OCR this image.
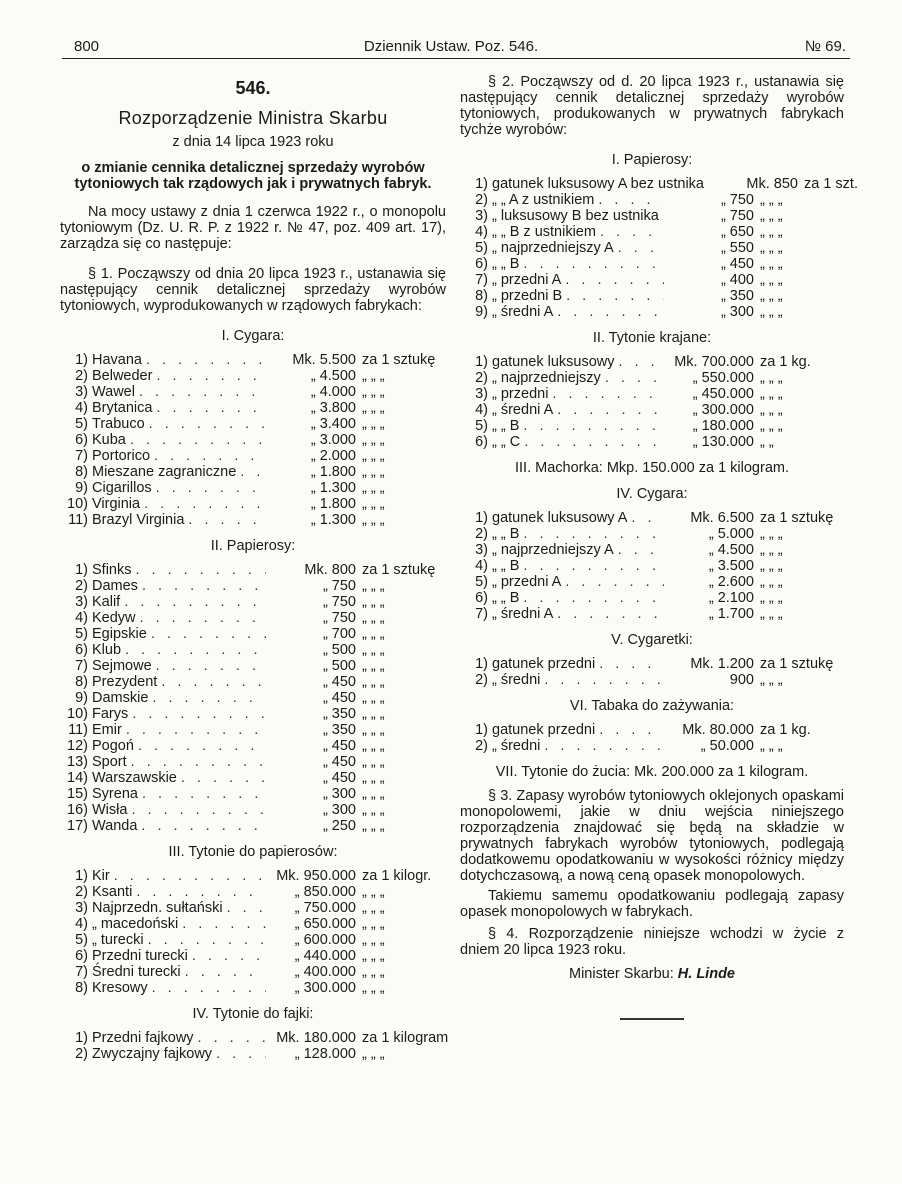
800	Dziennik Ustaw. Poz. 546.	№ 69.
546.
Rozporządzenie Ministra Skarbu
z dnia 14 lipca 1923 roku
o zmianie cennika detalicznej sprzedaży wyrobów tytoniowych tak rządowych jak i prywatnych fabryk.

Na mocy ustawy z dnia 1 czerwca 1922 r., o monopolu tytoniowym (Dz. U. R. P. z 1922 r. № 47, poz. 409 art. 17), zarządza się co następuje:

§ 1. Począwszy od dnia 20 lipca 1923 r., ustanawia się następujący cennik detalicznej sprzedaży wyrobów tytoniowych, wyprodukowanych w rządowych fabrykach:

I. Cygara:
1) Havana . . .	Mk. 5.500 za 1 sztukę
2) Belweder . . .	„ 4.500 „ „ „
3) Wawel . . .	„ 4.000 „ „ „
4) Brytanica . . .	„ 3.800 „ „ „
5) Trabuco . . .	„ 3.400 „ „ „
6) Kuba . . .	„ 3.000 „ „ „
7) Portorico . . .	„ 2.000 „ „ „
8) Mieszane zagraniczne . . .	„ 1.800 „ „ „
9) Cigarillos . . .	„ 1.300 „ „ „
10) Virginia . . .	„ 1.800 „ „ „
11) Brazyl Virginia . . .	„ 1.300 „ „ „
II. Papierosy:
1) Sfinks . . .	Mk. 800 za 1 sztukę
2) Dames . . .	„ 750 „ „ „
3) Kalif . . .	„ 750 „ „ „
4) Kedyw . . .	„ 750 „ „ „
5) Egipskie . . .	„ 700 „ „ „
6) Klub . . .	„ 500 „ „ „
7) Sejmowe . . .	„ 500 „ „ „
8) Prezydent . . .	„ 450 „ „ „
9) Damskie . . .	„ 450 „ „ „
10) Farys . . .	„ 350 „ „ „
11) Emir . . .	„ 350 „ „ „
12) Pogoń . . .	„ 450 „ „ „
13) Sport . . .	„ 450 „ „ „
14) Warszawskie . . .	„ 450 „ „ „
15) Syrena . . .	„ 300 „ „ „
16) Wisła . . .	„ 300 „ „ „
17) Wanda . . .	„ 250 „ „ „
III. Tytonie do papierosów:
1) Kir . . .	Mk. 950.000 za 1 kilogr.
2) Ksanti . . .	„ 850.000 „ „ „
3) Najprzedn. sułtański . . .	„ 750.000 „ „ „
4) „ macedoński . . .	„ 650.000 „ „ „
5) „ turecki . . .	„ 600.000 „ „ „
6) Przedni turecki . . .	„ 440.000 „ „ „
7) Średni turecki . . .	„ 400.000 „ „ „
8) Kresowy . . .	„ 300.000 „ „ „
IV. Tytonie do fajki:
1) Przedni fajkowy . . .	Mk. 180.000 za 1 kilogram
2) Zwyczajny fajkowy . . .	„ 128.000 „ „ „

§ 2. Począwszy od d. 20 lipca 1923 r., ustanawia się następujący cennik detalicznej sprzedaży wyrobów tytoniowych, produkowanych w prywatnych fabrykach tychże wyrobów:

I. Papierosy:
1) gatunek luksusowy A bez ustnika	Mk. 850 za 1 szt.
2) „ „ A z ustnikiem . . .	„ 750 „ „ „
3) „ luksusowy B bez ustnika . . .	„ 750 „ „ „
4) „ „ B z ustnikiem . . .	„ 650 „ „ „
5) „ najprzedniejszy A . . .	„ 550 „ „ „
6) „ „ B . . .	„ 450 „ „ „
7) „ przedni A . . .	„ 400 „ „ „
8) „ przedni B . . .	„ 350 „ „ „
9) „ średni A . . .	„ 300 „ „ „
II. Tytonie krajane:
1) gatunek luksusowy . . .	Mk. 700.000 za 1 kg.
2) „ najprzedniejszy . . .	„ 550.000 „ „ „
3) „ przedni . . .	„ 450.000 „ „ „
4) „ średni A . . .	„ 300.000 „ „ „
5) „ „ B . . .	„ 180.000 „ „ „
6) „ „ C . . .	„ 130.000 „ „
III. Machorka: Mkp. 150.000 za 1 kilogram.
IV. Cygara:
1) gatunek luksusowy A . . .	Mk. 6.500 za 1 sztukę
2) „ „ B . . .	„ 5.000 „ „ „
3) „ najprzedniejszy A . . .	„ 4.500 „ „ „
4) „ „ B . . .	„ 3.500 „ „ „
5) „ przedni A . . .	„ 2.600 „ „ „
6) „ „ B . . .	„ 2.100 „ „ „
7) „ średni A . . .	„ 1.700 „ „ „
V. Cygaretki:
1) gatunek przedni . . .	Mk. 1.200 za 1 sztukę
2) „ średni . . .	900 „ „ „
VI. Tabaka do zażywania:
1) gatunek przedni . . .	Mk. 80.000 za 1 kg.
2) „ średni . . .	„ 50.000 „ „ „
VII. Tytonie do żucia: Mk. 200.000 za 1 kilogram.

§ 3. Zapasy wyrobów tytoniowych oklejonych opaskami monopolowemi, jakie w dniu wejścia niniejszego rozporządzenia znajdować się będą na składzie w prywatnych fabrykach wyrobów tytoniowych, podlegają dodatkowemu opodatkowaniu w wysokości różnicy między dotychczasową, a nową ceną opasek monopolowych.

Takiemu samemu opodatkowaniu podlegają zapasy opasek monopolowych w fabrykach.

§ 4. Rozporządzenie niniejsze wchodzi w życie z dniem 20 lipca 1923 roku.

Minister Skarbu: H. Linde
